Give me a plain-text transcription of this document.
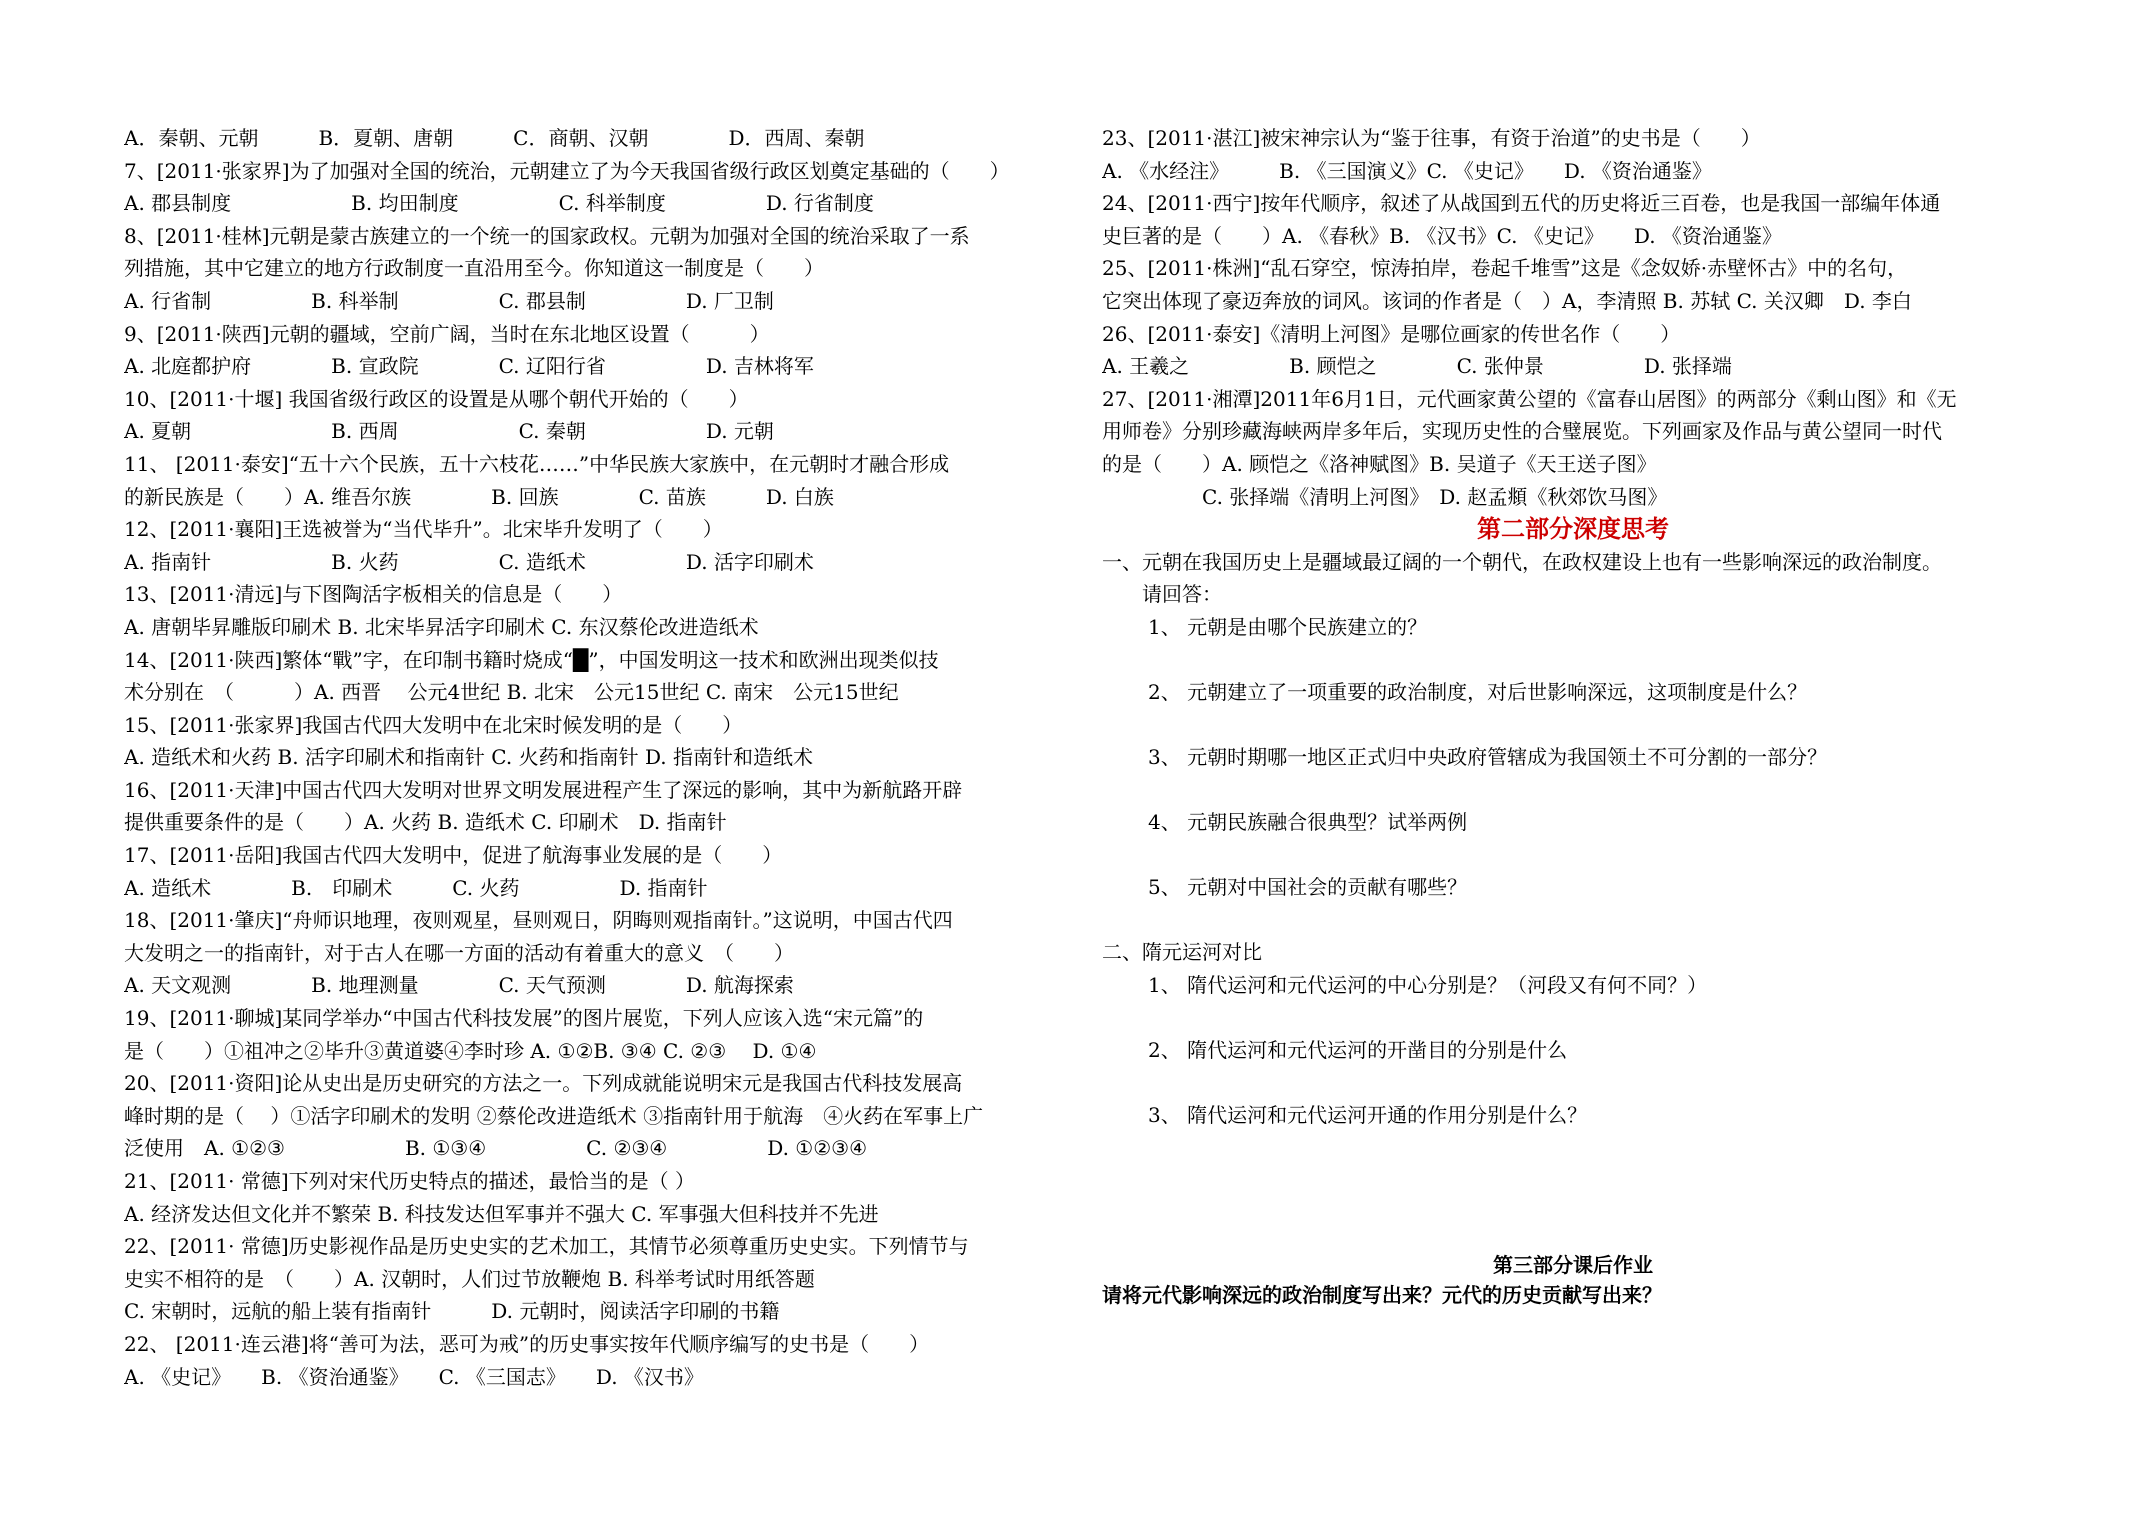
A．秦朝、元朝　　　B．夏朝、唐朝　　　C．商朝、汉朝　　　　D．西周、秦朝
7、[2011·张家界]为了加强对全国的统治，元朝建立了为今天我国省级行政区划奠定基础的（　　）
A. 郡县制度　　　　　　B. 均田制度　　　　　C. 科举制度　　　　　D. 行省制度
8、[2011·桂林]元朝是蒙古族建立的一个统一的国家政权。元朝为加强对全国的统治采取了一系
列措施，其中它建立的地方行政制度一直沿用至今。你知道这一制度是（　　）
A. 行省制　　　　　B. 科举制　　　　　C. 郡县制　　　　　D. 厂卫制
9、[2011·陕西]元朝的疆域，空前广阔，当时在东北地区设置（　　　）
A. 北庭都护府　　　　B. 宣政院　　　　C. 辽阳行省　　　　　D. 吉林将军
10、[2011·十堰] 我国省级行政区的设置是从哪个朝代开始的（　　）
A. 夏朝　　　　　　　B. 西周　　　　　　C. 秦朝　　　　　　D. 元朝
11、 [2011·泰安]“五十六个民族，五十六枝花……”中华民族大家族中，在元朝时才融合形成
的新民族是（　　）A. 维吾尔族　　　　B. 回族　　　　C. 苗族　　　D. 白族
12、[2011·襄阳]王选被誉为“当代毕升”。北宋毕升发明了（　　）
A. 指南针　　　　　　B. 火药　　　　　C. 造纸术　　　　　D. 活字印刷术
13、[2011·清远]与下图陶活字板相关的信息是（　　）
A. 唐朝毕昇雕版印刷术 B. 北宋毕昇活字印刷术 C. 东汉蔡伦改进造纸术
14、[2011·陕西]繁体“戰”字，在印制书籍时烧成“█”，中国发明这一技术和欧洲出现类似技
术分别在　（　　　）A. 西晋　 公元4世纪 B. 北宋　公元15世纪 C. 南宋　公元15世纪
15、[2011·张家界]我国古代四大发明中在北宋时候发明的是（　　）
A. 造纸术和火药 B. 活字印刷术和指南针 C. 火药和指南针 D. 指南针和造纸术
16、[2011·天津]中国古代四大发明对世界文明发展进程产生了深远的影响，其中为新航路开辟
提供重要条件的是（　　）A. 火药 B. 造纸术 C. 印刷术　D. 指南针
17、[2011·岳阳]我国古代四大发明中，促进了航海事业发展的是（　　）
A. 造纸术　　　　B.　印刷术　　　C. 火药　　　　　D. 指南针
18、[2011·肇庆]“舟师识地理，夜则观星，昼则观日，阴晦则观指南针。”这说明，中国古代四
大发明之一的指南针，对于古人在哪一方面的活动有着重大的意义　（　　）
A. 天文观测　　　　B. 地理测量　　　　C. 天气预测　　　　D. 航海探索
19、[2011·聊城]某同学举办“中国古代科技发展”的图片展览，下列人应该入选“宋元篇”的
是（　　）①祖冲之②毕升③黄道婆④李时珍 A. ①②B. ③④ C. ②③　 D. ①④
20、[2011·资阳]论从史出是历史研究的方法之一。下列成就能说明宋元是我国古代科技发展高
峰时期的是（　 ）①活字印刷术的发明 ②蔡伦改进造纸术 ③指南针用于航海　④火药在军事上广
泛使用　A. ①②③　　　　　　B. ①③④　　　　　C. ②③④　　　　　D. ①②③④
21、[2011· 常德]下列对宋代历史特点的描述，最恰当的是（ ）
A. 经济发达但文化并不繁荣 B. 科技发达但军事并不强大 C. 军事强大但科技并不先进
22、[2011· 常德]历史影视作品是历史史实的艺术加工，其情节必须尊重历史史实。下列情节与
史实不相符的是　（　　）A. 汉朝时，人们过节放鞭炮 B. 科举考试时用纸答题
C. 宋朝时，远航的船上装有指南针　　　D. 元朝时，阅读活字印刷的书籍
22、 [2011·连云港]将“善可为法，恶可为戒”的历史事实按年代顺序编写的史书是（　　）
A. 《史记》　　B. 《资治通鉴》　　C. 《三国志》　　D. 《汉书》
23、[2011·湛江]被宋神宗认为“鉴于往事，有资于治道”的史书是（　　）
A. 《水经注》　　　B. 《三国演义》C. 《史记》　　D. 《资治通鉴》
24、[2011·西宁]按年代顺序，叙述了从战国到五代的历史将近三百卷，也是我国一部编年体通
史巨著的是（　　）A. 《春秋》B. 《汉书》C. 《史记》　　D. 《资治通鉴》
25、[2011·株洲]“乱石穿空，惊涛拍岸，卷起千堆雪”这是《念奴娇·赤壁怀古》中的名句，
它突出体现了豪迈奔放的词风。该词的作者是（　）A，李清照 B. 苏轼 C. 关汉卿　D. 李白
26、[2011·泰安]《清明上河图》是哪位画家的传世名作（　　）
A. 王羲之　　　　　B. 顾恺之　　　　C. 张仲景　　　　　D. 张择端
27、[2011·湘潭]2011年6月1日，元代画家黄公望的《富春山居图》的两部分《剩山图》和《无
用师卷》分别珍藏海峡两岸多年后，实现历史性的合璧展览。下列画家及作品与黄公望同一时代
的是（　　）A. 顾恺之《洛神赋图》B. 吴道子《天王送子图》
　　　　　C. 张择端《清明上河图》　D. 赵孟頫《秋郊饮马图》
第二部分深度思考
一、元朝在我国历史上是疆域最辽阔的一个朝代，在政权建设上也有一些影响深远的政治制度。
　　请回答：
1、 元朝是由哪个民族建立的？
2、 元朝建立了一项重要的政治制度，对后世影响深远，这项制度是什么？
3、 元朝时期哪一地区正式归中央政府管辖成为我国领土不可分割的一部分？
4、 元朝民族融合很典型？试举两例
5、 元朝对中国社会的贡献有哪些？
二、隋元运河对比
1、 隋代运河和元代运河的中心分别是？（河段又有何不同？）
2、 隋代运河和元代运河的开凿目的分别是什么
3、 隋代运河和元代运河开通的作用分别是什么？
第三部分课后作业
请将元代影响深远的政治制度写出来？元代的历史贡献写出来？
